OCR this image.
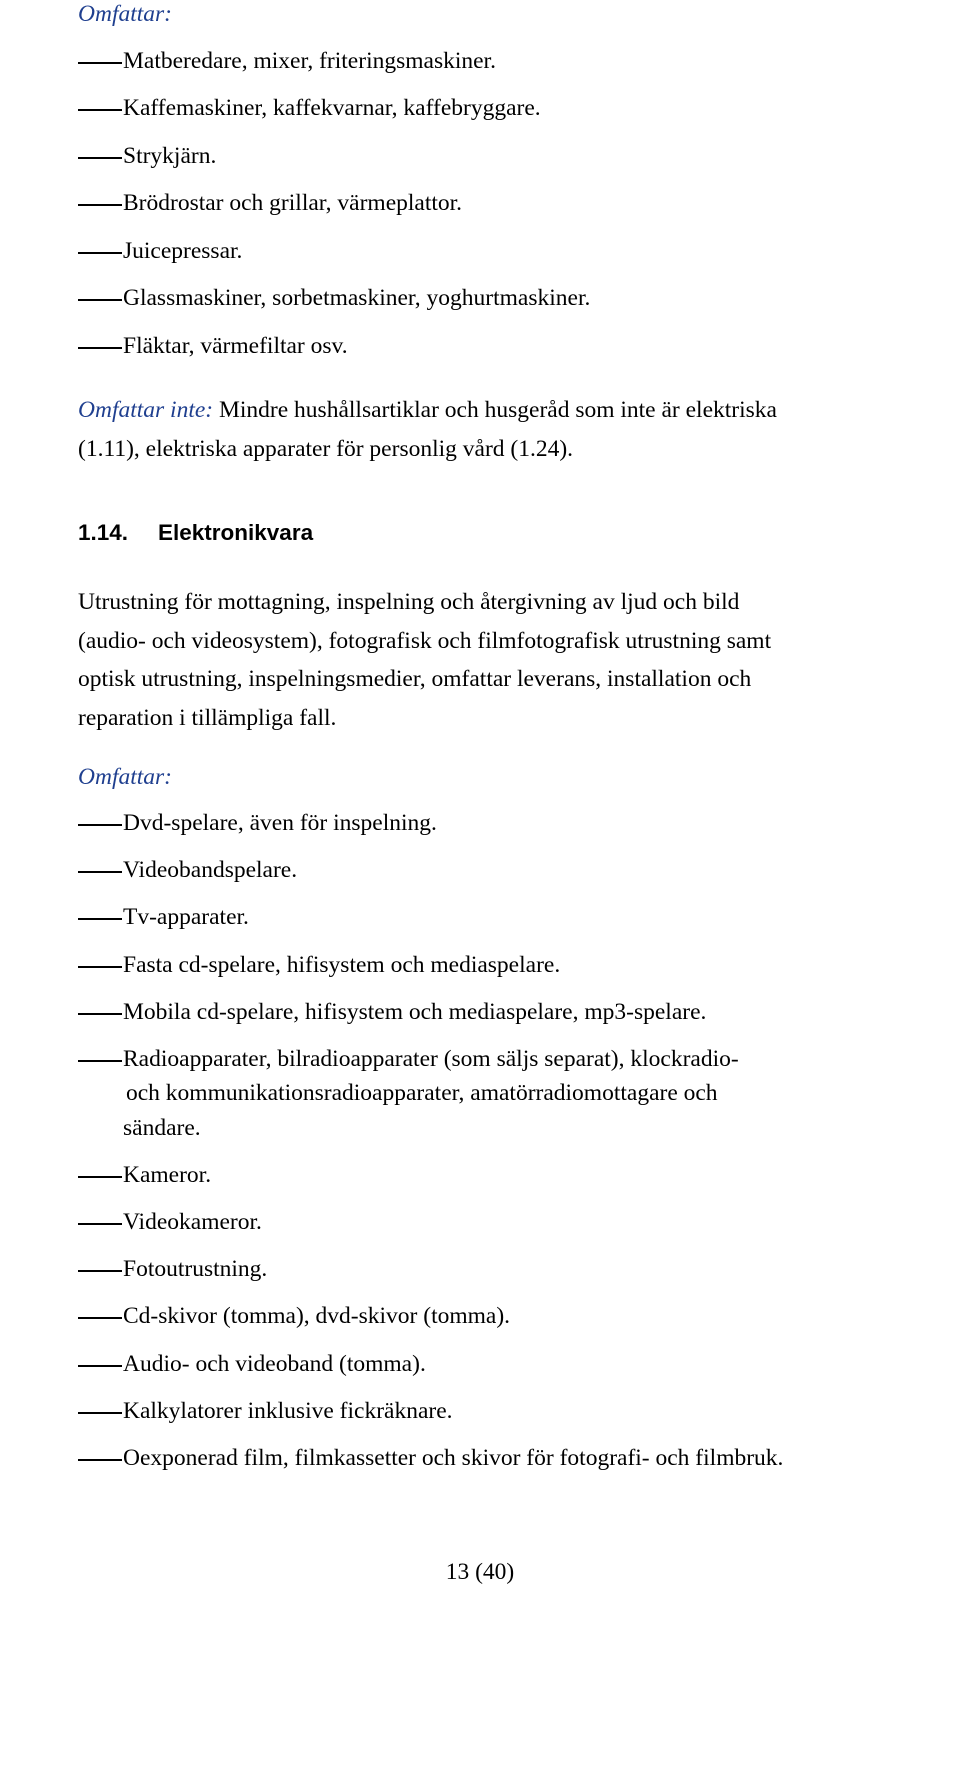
Omfattar:
Matberedare, mixer, friteringsmaskiner.
Kaffemaskiner, kaffekvarnar, kaffebryggare.
Strykjärn.
Brödrostar och grillar, värmeplattor.
Juicepressar.
Glassmaskiner, sorbetmaskiner, yoghurtmaskiner.
Fläktar, värmefiltar osv.
Omfattar inte: Mindre hushållsartiklar och husgeråd som inte är elektriska
(1.11), elektriska apparater för personlig vård (1.24).
1.14. Elektronikvara
Utrustning för mottagning, inspelning och återgivning av ljud och bild
(audio- och videosystem), fotografisk och filmfotografisk utrustning samt
optisk utrustning, inspelningsmedier, omfattar leverans, installation och
reparation i tillämpliga fall.
Omfattar:
Dvd-spelare, även för inspelning.
Videobandspelare.
Tv-apparater.
Fasta cd-spelare, hifisystem och mediaspelare.
Mobila cd-spelare, hifisystem och mediaspelare, mp3-spelare.
Radioapparater, bilradioapparater (som säljs separat), klockradio-
och kommunikationsradioapparater, amatörradiomottagare och
sändare.
Kameror.
Videokameror.
Fotoutrustning.
Cd-skivor (tomma), dvd-skivor (tomma).
Audio- och videoband (tomma).
Kalkylatorer inklusive fickräknare.
Oexponerad film, filmkassetter och skivor för fotografi- och filmbruk.
13 (40)
